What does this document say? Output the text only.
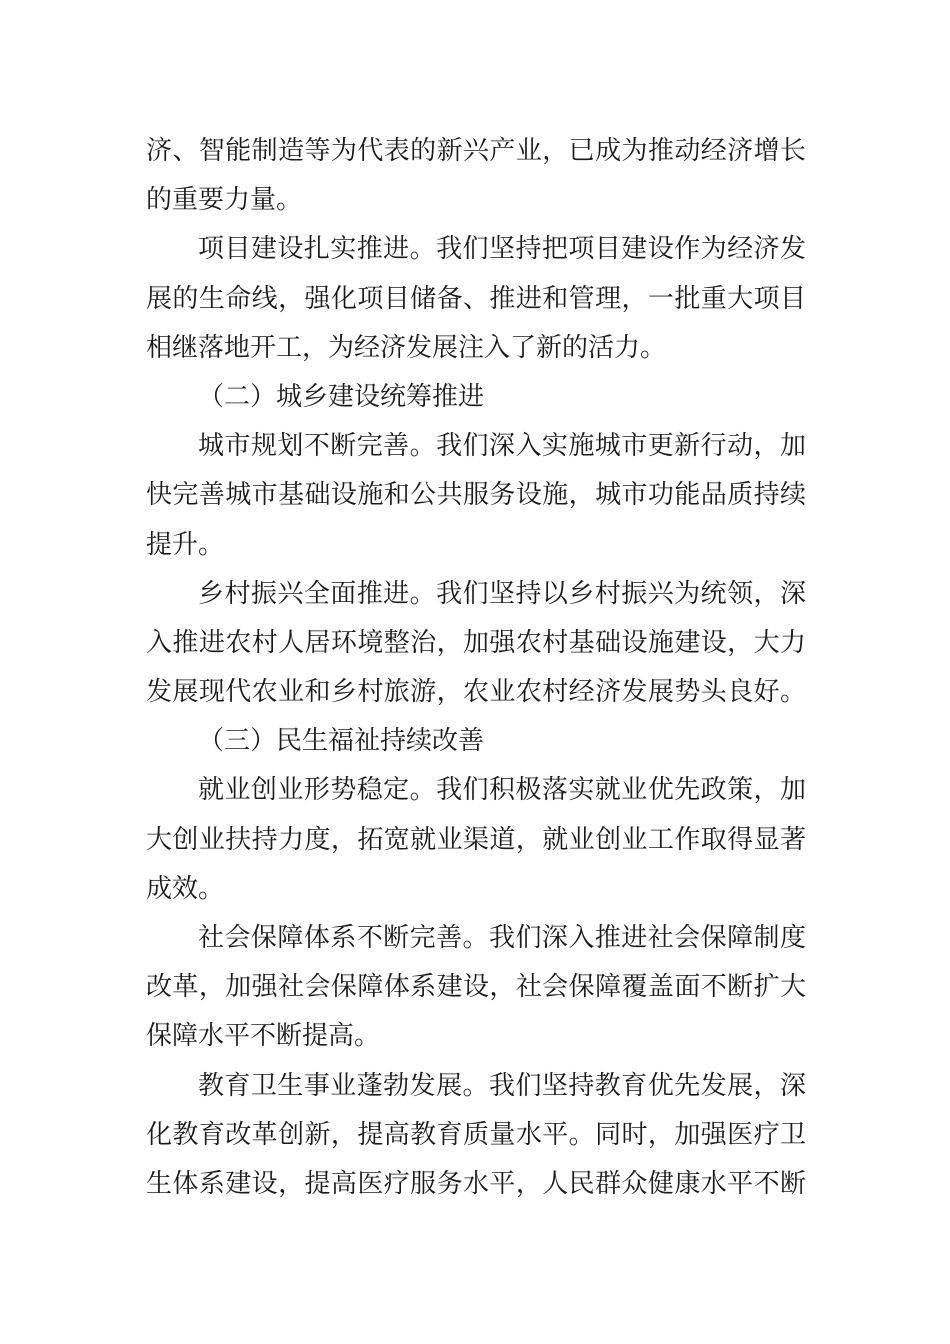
济、智能制造等为代表的新兴产业，已成为推动经济增长
的重要力量。
项目建设扎实推进。我们坚持把项目建设作为经济发
展的生命线，强化项目储备、推进和管理，一批重大项目
相继落地开工，为经济发展注入了新的活力。
（二）城乡建设统筹推进
城市规划不断完善。我们深入实施城市更新行动，加
快完善城市基础设施和公共服务设施，城市功能品质持续
提升。
乡村振兴全面推进。我们坚持以乡村振兴为统领，深
入推进农村人居环境整治，加强农村基础设施建设，大力
发展现代农业和乡村旅游，农业农村经济发展势头良好。
（三）民生福祉持续改善
就业创业形势稳定。我们积极落实就业优先政策，加
大创业扶持力度，拓宽就业渠道，就业创业工作取得显著
成效。
社会保障体系不断完善。我们深入推进社会保障制度
改革，加强社会保障体系建设，社会保障覆盖面不断扩大
保障水平不断提高。
教育卫生事业蓬勃发展。我们坚持教育优先发展，深
化教育改革创新，提高教育质量水平。同时，加强医疗卫
生体系建设，提高医疗服务水平，人民群众健康水平不断
